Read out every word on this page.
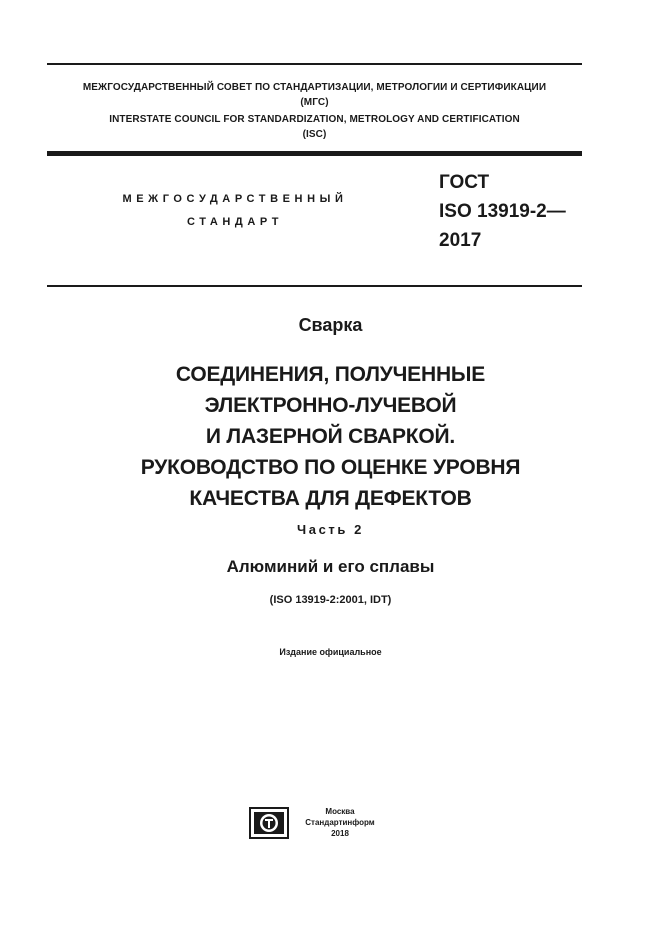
МЕЖГОСУДАРСТВЕННЫЙ СОВЕТ ПО СТАНДАРТИЗАЦИИ, МЕТРОЛОГИИ И СЕРТИФИКАЦИИ
(МГС)
INTERSTATE COUNCIL FOR STANDARDIZATION, METROLOGY AND CERTIFICATION
(ISC)
МЕЖГОСУДАРСТВЕННЫЙ
СТАНДАРТ
ГОСТ
ISO 13919-2—
2017
Сварка
СОЕДИНЕНИЯ, ПОЛУЧЕННЫЕ
ЭЛЕКТРОННО-ЛУЧЕВОЙ
И ЛАЗЕРНОЙ СВАРКОЙ.
РУКОВОДСТВО ПО ОЦЕНКЕ УРОВНЯ
КАЧЕСТВА ДЛЯ ДЕФЕКТОВ
Часть 2
Алюминий и его сплавы
(ISO 13919-2:2001, IDT)
Издание официальное
Москва
Стандартинформ
2018
